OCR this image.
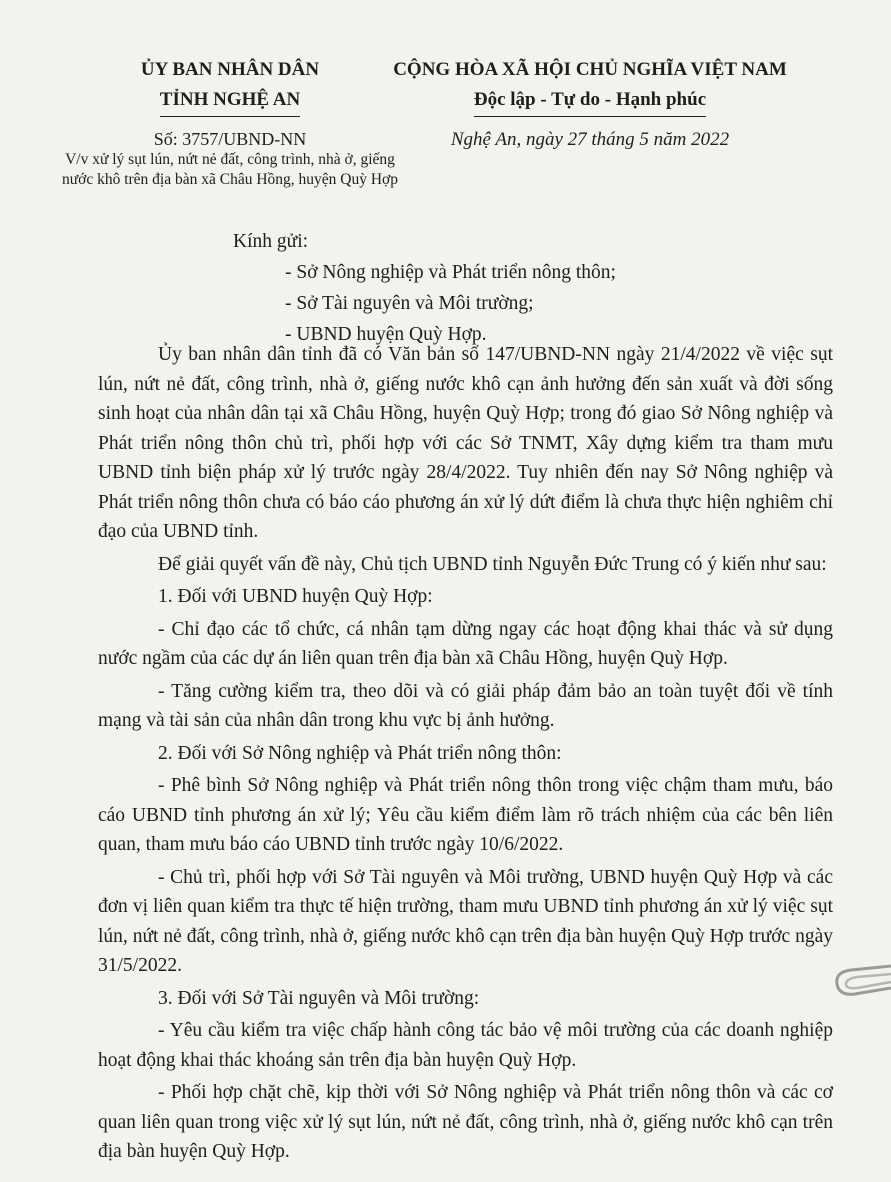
ỦY BAN NHÂN DÂN
TỈNH NGHỆ AN
Số: 3757/UBND-NN
V/v xử lý sụt lún, nứt nẻ đất, công trình, nhà ở, giếng nước khô trên địa bàn xã Châu Hồng, huyện Quỳ Hợp
CỘNG HÒA XÃ HỘI CHỦ NGHĨA VIỆT NAM
Độc lập - Tự do - Hạnh phúc
Nghệ An, ngày 27 tháng 5 năm 2022
Kính gửi:
- Sở Nông nghiệp và Phát triển nông thôn;
- Sở Tài nguyên và Môi trường;
- UBND huyện Quỳ Hợp.

Ủy ban nhân dân tỉnh đã có Văn bản số 147/UBND-NN ngày 21/4/2022 về việc sụt lún, nứt nẻ đất, công trình, nhà ở, giếng nước khô cạn ảnh hưởng đến sản xuất và đời sống sinh hoạt của nhân dân tại xã Châu Hồng, huyện Quỳ Hợp; trong đó giao Sở Nông nghiệp và Phát triển nông thôn chủ trì, phối hợp với các Sở TNMT, Xây dựng kiểm tra tham mưu UBND tỉnh biện pháp xử lý trước ngày 28/4/2022. Tuy nhiên đến nay Sở Nông nghiệp và Phát triển nông thôn chưa có báo cáo phương án xử lý dứt điểm là chưa thực hiện nghiêm chỉ đạo của UBND tỉnh.

Để giải quyết vấn đề này, Chủ tịch UBND tỉnh Nguyễn Đức Trung có ý kiến như sau:

1. Đối với UBND huyện Quỳ Hợp:

- Chỉ đạo các tổ chức, cá nhân tạm dừng ngay các hoạt động khai thác và sử dụng nước ngầm của các dự án liên quan trên địa bàn xã Châu Hồng, huyện Quỳ Hợp.

- Tăng cường kiểm tra, theo dõi và có giải pháp đảm bảo an toàn tuyệt đối về tính mạng và tài sản của nhân dân trong khu vực bị ảnh hưởng.

2. Đối với Sở Nông nghiệp và Phát triển nông thôn:

- Phê bình Sở Nông nghiệp và Phát triển nông thôn trong việc chậm tham mưu, báo cáo UBND tỉnh phương án xử lý; Yêu cầu kiểm điểm làm rõ trách nhiệm của các bên liên quan, tham mưu báo cáo UBND tỉnh trước ngày 10/6/2022.

- Chủ trì, phối hợp với Sở Tài nguyên và Môi trường, UBND huyện Quỳ Hợp và các đơn vị liên quan kiểm tra thực tế hiện trường, tham mưu UBND tỉnh phương án xử lý việc sụt lún, nứt nẻ đất, công trình, nhà ở, giếng nước khô cạn trên địa bàn huyện Quỳ Hợp trước ngày 31/5/2022.

3. Đối với Sở Tài nguyên và Môi trường:

- Yêu cầu kiểm tra việc chấp hành công tác bảo vệ môi trường của các doanh nghiệp hoạt động khai thác khoáng sản trên địa bàn huyện Quỳ Hợp.

- Phối hợp chặt chẽ, kịp thời với Sở Nông nghiệp và Phát triển nông thôn và các cơ quan liên quan trong việc xử lý sụt lún, nứt nẻ đất, công trình, nhà ở, giếng nước khô cạn trên địa bàn huyện Quỳ Hợp.
